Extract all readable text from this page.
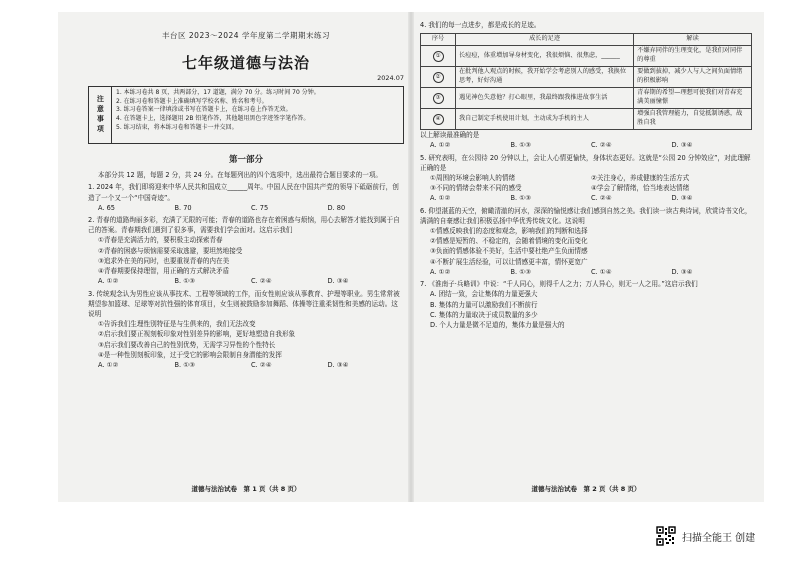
丰台区 2023～2024 学年度第二学期期末练习
七年级道德与法治
2024.07
注意事项
1. 本练习卷共 8 页，共两部分，17 道题，满分 70 分。练习时间 70 分钟。
2. 在练习卷和答题卡上准确填写学校名称、姓名和考号。
3. 练习卷答案一律填涂或书写在答题卡上，在练习卷上作答无效。
4. 在答题卡上，选择题用 2B 铅笔作答，其他题用黑色字迹签字笔作答。
5. 练习结束，将本练习卷和答题卡一并交回。
第一部分
本部分共 12 题，每题 2 分，共 24 分。在每题列出的四个选项中，选出最符合题目要求的一项。
1. 2024 年，我们即将迎来中华人民共和国成立______周年。中国人民在中国共产党的领导下砥砺前行，创造了一个又一个“中国奇迹”。
A. 65	B. 70	C. 75	D. 80
2. 青春的道路绚丽多彩，充满了无限的可能；青春的道路也存在着困惑与烦恼，用心去解答才能找到属于自己的答案。青春期我们遇到了很多事，需要我们学会面对。这启示我们
①青春是充满活力的，要积极主动探索青春
②青春的困惑与烦恼需要采取逃避，要坦然地接受
③追求外在美的同时，也要重视青春的内在美
④青春期要保持理智，用正确的方式解决矛盾
A. ①②	B. ①③	C. ②④	D. ③④
3. 传统观念认为男性应该从事技术、工程等领域的工作，而女性则应该从事教育、护理等职业。男生常常被期望参加篮球、足球等对抗性强的体育项目，女生则被鼓励参加舞蹈、体操等注重柔韧性和美感的运动。这说明
①告诉我们生理性别特征是与生俱来的，我们无法改变
②启示我们要正视刻板印象对性别差异的影响，更好地塑造自我形象
③启示我们要改善自己的性别优势，无需学习异性的个性特长
④是一种性别刻板印象，过于受它的影响会限制自身潜能的发挥
A. ①②	B. ①③	C. ②④	D. ③④
道德与法治试卷　第 1 页（共 8 页）
4. 我们的每一点进步，都是成长的足迹。
序号	成长的足迹	解读
①	长痘痘，体重增加导身材变化，我很烦恼、很焦虑，______	不嫌弃同伴的生理变化，是我们对同伴的尊重
②	在批判他人观点的时候，我开始学会考虑别人的感受，我换位思考，好好沟通	要做到拔掉，减少人与人之间负面情绪的积极影响
③	遇见神色失意他？打心眼里，我最终跟我推进故事生活	青春期的希望—理想可使我们对青春充满美丽憧憬
④	我自己制定手机使用计划，主动成为手机的主人	增强自我管理能力，自觉抵制诱惑，战胜自我
以上解读最准确的是
A. ①②	B. ①③	C. ②④	D. ③④
5. 研究表明，在公园待 20 分钟以上，会让人心情更愉快，身体状态更好。这就是“公园 20 分钟效应”，对此理解正确的是
①周围的环境会影响人的情绪	②关注身心，养成健康的生活方式
③不同的情绪会带来不同的感受	④学会了解情绪，恰当地表达情绪
A. ①②	B. ①③	C. ②④	D. ③④
6. 仰望湛蓝的天空，俯瞰清澈的河水，深深的愉悦感让我们感到自然之美。我们读一读古典诗词，欣赏诗书文化，满满的自豪感让我们积极弘扬中华优秀传统文化。这说明
①情感反映我们的态度和观念，影响我们的判断和选择
②情感是短暂的、不稳定的，会随着情境的变化而变化
③负面的情感体验不美好，生活中要杜绝产生负面情感
④不断扩展生活经验，可以让情感更丰富，情怀更宽广
A. ①②	B. ①③	C. ①④	D. ③④
7. 《淮南子·兵略训》中说：“千人同心，则得千人之力；万人异心，则无一人之用。”这启示我们
A. 团结一致，会让集体的力量更强大
B. 集体的力量可以激励我们不断前行
C. 集体的力量取决于成员数量的多少
D. 个人力量是微不足道的，集体力量是强大的
道德与法治试卷　第 2 页（共 8 页）
扫描全能王 创建
